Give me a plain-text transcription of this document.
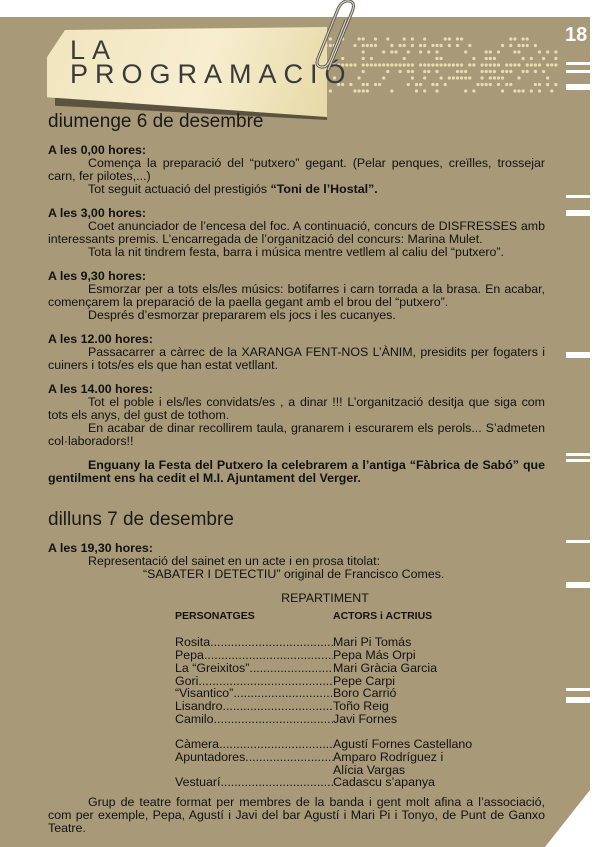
18
LA
PROGRAMACIÓ
diumenge 6 de desembre

A les 0,00 hores:
Comença la preparació del “putxero” gegant. (Pelar penques, creïlles, trossejar carn, fer pilotes,...)
Tot seguit actuació del prestigiós “Toni de l’Hostal”.

A les 3,00 hores:
Coet anunciador de l’encesa del foc. A continuació, concurs de DISFRESSES amb interessants premis. L’encarregada de l’organització del concurs: Marina Mulet.
Tota la nit tindrem festa, barra i música mentre vetllem al caliu del “putxero”.

A les 9,30 hores:
Esmorzar per a tots els/les músics: botifarres i carn torrada a la brasa. En acabar, començarem la preparació de la paella gegant amb el brou del “putxero”.
Després d’esmorzar prepararem els jocs i les cucanyes.

A les 12.00 hores:
Passacarrer a càrrec de la XARANGA FENT-NOS L’ÀNIM, presidits per fogaters i cuiners i tots/es els que han estat vetllant.

A les 14.00 hores:
Tot el poble i els/les convidats/es , a dinar !!! L’organització desitja que siga com tots els anys, del gust de tothom.
En acabar de dinar recollirem taula, granarem i escurarem els perols... S’admeten col·laboradors!!

Enguany la Festa del Putxero la celebrarem a l’antiga “Fàbrica de Sabó” que gentilment ens ha cedit el M.I. Ajuntament del Verger.

dilluns 7 de desembre
A les 19,30 hores:
Representació del sainet en un acte i en prosa titolat:
“SABATER I DETECTIU” original de Francisco Comes.
REPARTIMENT
PERSONATGES	ACTORS i ACTRIUS
Rosita .....	Mari Pi Tomás
Pepa .....	Pepa Más Orpi
La “Greixitos” .....	Mari Gràcia Garcia
Gori .....	Pepe Carpi
“Visantico” .....	Boro Carrió
Lisandro .....	Toño Reig
Camilo .....	Javi Fornes
Càmera .....	Agustí Fornes Castellano
Apuntadores .....	Amparo Rodríguez i
Alícia Vargas
Vestuarí .....	Cadascu s’apanya
Grup de teatre format per membres de la banda i gent molt afina a l’associació, com per exemple, Pepa, Agustí i Javi del bar Agustí i Mari Pi i Tonyo, de Punt de Ganxo Teatre.
